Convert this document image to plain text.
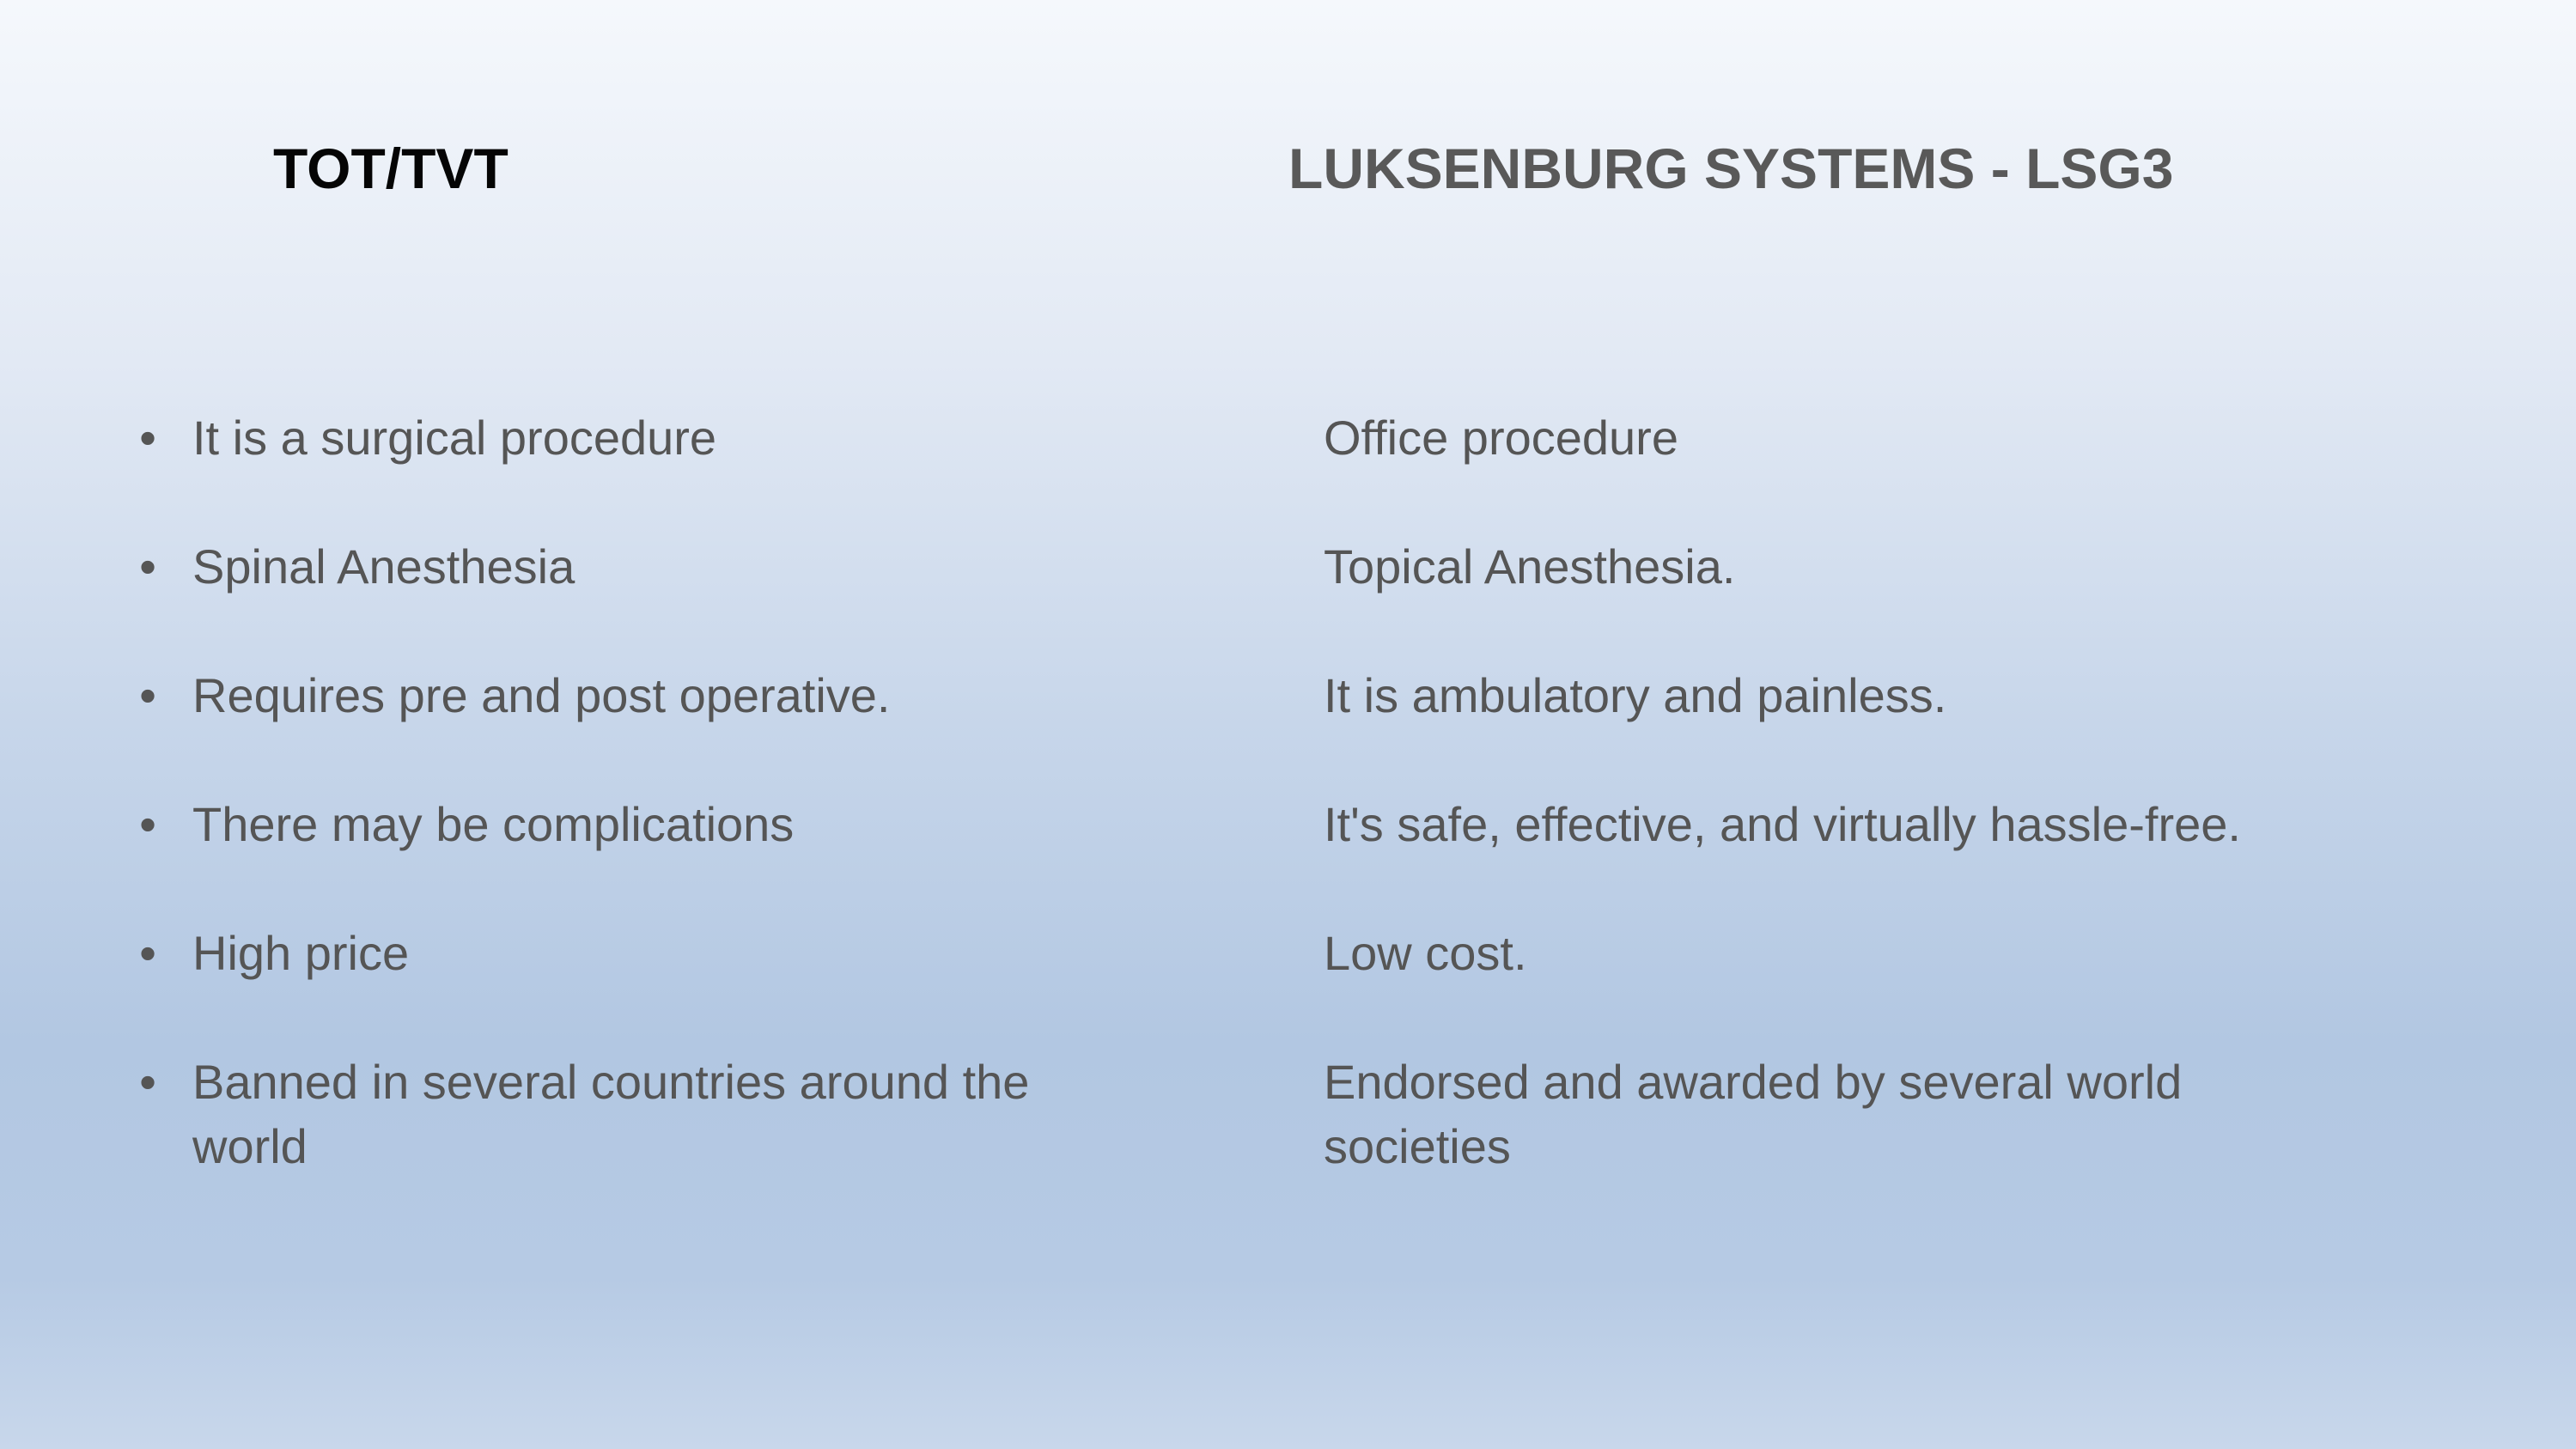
TOT/TVT	LUKSENBURG SYSTEMS - LSG3
• It is a surgical procedure
• Spinal Anesthesia
• Requires pre and post operative.
• There may be complications
• High price
• Banned in several countries around the world
Office procedure
Topical Anesthesia.
It is ambulatory and painless.
It's safe, effective, and virtually hassle-free.
Low cost.
Endorsed and awarded by several world societies
